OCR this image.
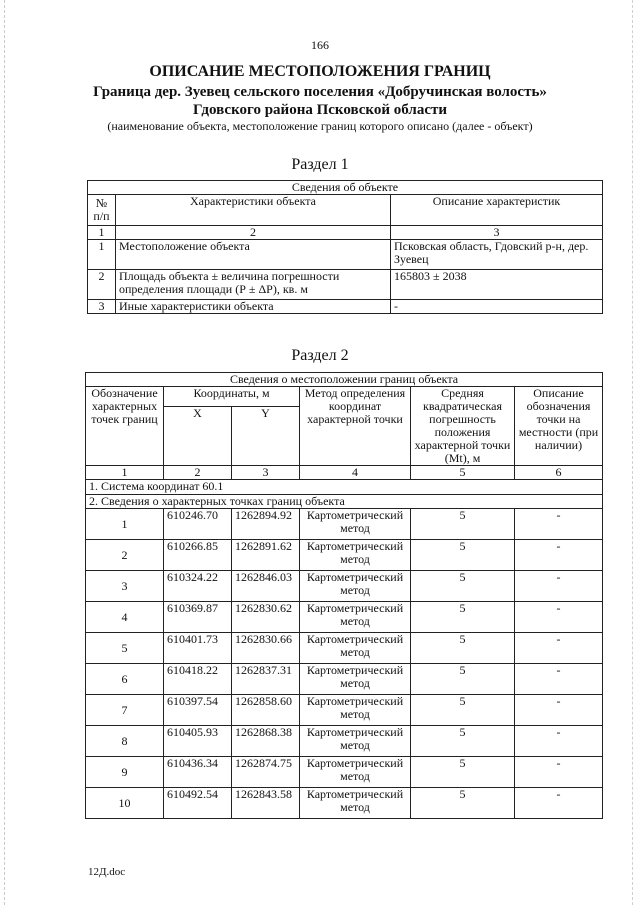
166
ОПИСАНИЕ МЕСТОПОЛОЖЕНИЯ ГРАНИЦ
Граница дер. Зуевец сельского поселения «Добручинская волость»
Гдовского района Псковской области
(наименование объекта, местоположение границ которого описано (далее - объект)
Раздел 1
Сведения об объекте		
№ п/п	Характеристики объекта	Описание характеристик
1	2	3
1	Местоположение объекта	Псковская область, Гдовский р-н, дер. Зуевец
2	Площадь объекта ± величина погрешности определения площади (Р ± ΔР), кв. м	165803 ± 2038
3	Иные характеристики объекта	-
Раздел 2
Сведения о местоположении границ объекта					
Обозначение характерных точек границ	Координаты, м		Метод определения координат характерной точки	Средняя квадратическая погрешность положения характерной точки (Мt), м	Описание обозначения точки на местности (при наличии)
	X	Y			
1	2	3	4	5	6
1. Система координат 60.1					
2. Сведения о характерных точках границ объекта					
1	610246.70	1262894.92	Картометрический метод	5	-
2	610266.85	1262891.62	Картометрический метод	5	-
3	610324.22	1262846.03	Картометрический метод	5	-
4	610369.87	1262830.62	Картометрический метод	5	-
5	610401.73	1262830.66	Картометрический метод	5	-
6	610418.22	1262837.31	Картометрический метод	5	-
7	610397.54	1262858.60	Картометрический метод	5	-
8	610405.93	1262868.38	Картометрический метод	5	-
9	610436.34	1262874.75	Картометрический метод	5	-
10	610492.54	1262843.58	Картометрический метод	5	-
12Д.doc
